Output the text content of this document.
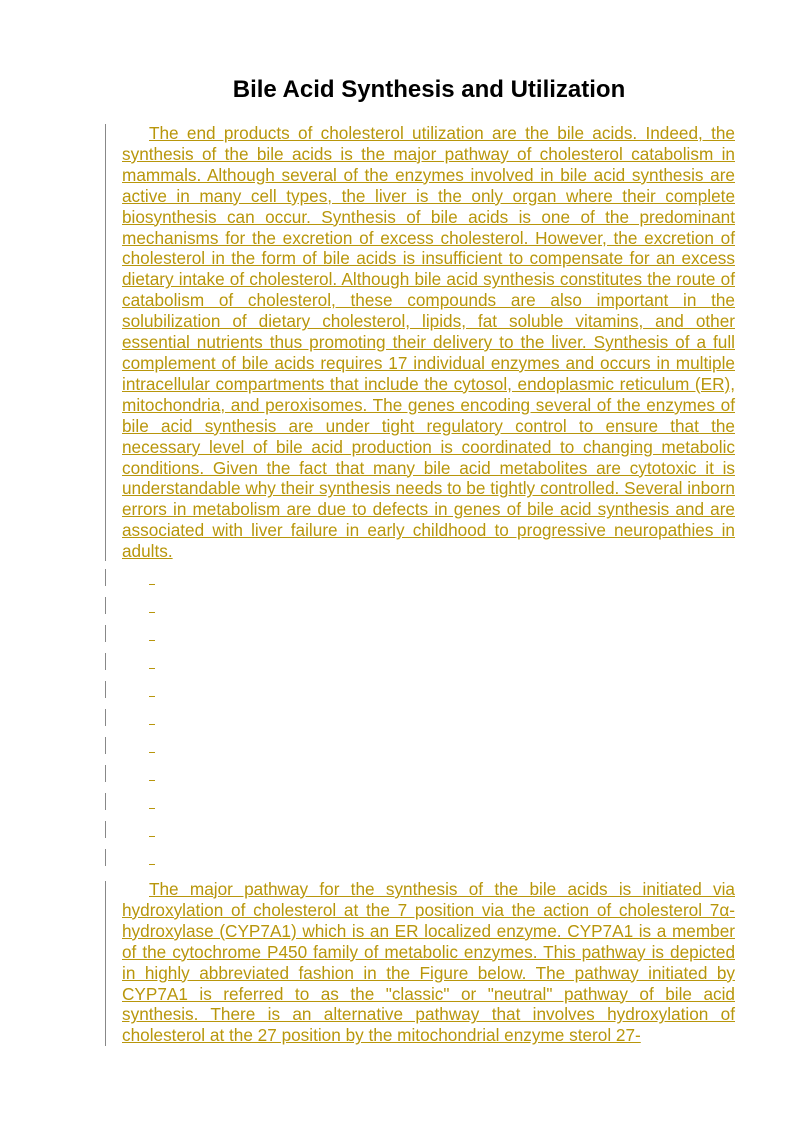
Bile Acid Synthesis and Utilization

The end products of cholesterol utilization are the bile acids. Indeed, the synthesis of the bile acids is the major pathway of cholesterol catabolism in mammals. Although several of the enzymes involved in bile acid synthesis are active in many cell types, the liver is the only organ where their complete biosynthesis can occur. Synthesis of bile acids is one of the predominant mechanisms for the excretion of excess cholesterol. However, the excretion of cholesterol in the form of bile acids is insufficient to compensate for an excess dietary intake of cholesterol. Although bile acid synthesis constitutes the route of catabolism of cholesterol, these compounds are also important in the solubilization of dietary cholesterol, lipids, fat soluble vitamins, and other essential nutrients thus promoting their delivery to the liver. Synthesis of a full complement of bile acids requires 17 individual enzymes and occurs in multiple intracellular compartments that include the cytosol, endoplasmic reticulum (ER), mitochondria, and peroxisomes. The genes encoding several of the enzymes of bile acid synthesis are under tight regulatory control to ensure that the necessary level of bile acid production is coordinated to changing metabolic conditions. Given the fact that many bile acid metabolites are cytotoxic it is understandable why their synthesis needs to be tightly controlled. Several inborn errors in metabolism are due to defects in genes of bile acid synthesis and are associated with liver failure in early childhood to progressive neuropathies in adults.

The major pathway for the synthesis of the bile acids is initiated via hydroxylation of cholesterol at the 7 position via the action of cholesterol 7α-hydroxylase (CYP7A1) which is an ER localized enzyme. CYP7A1 is a member of the cytochrome P450 family of metabolic enzymes. This pathway is depicted in highly abbreviated fashion in the Figure below. The pathway initiated by CYP7A1 is referred to as the "classic" or "neutral" pathway of bile acid synthesis. There is an alternative pathway that involves hydroxylation of cholesterol at the 27 position by the mitochondrial enzyme sterol 27-
